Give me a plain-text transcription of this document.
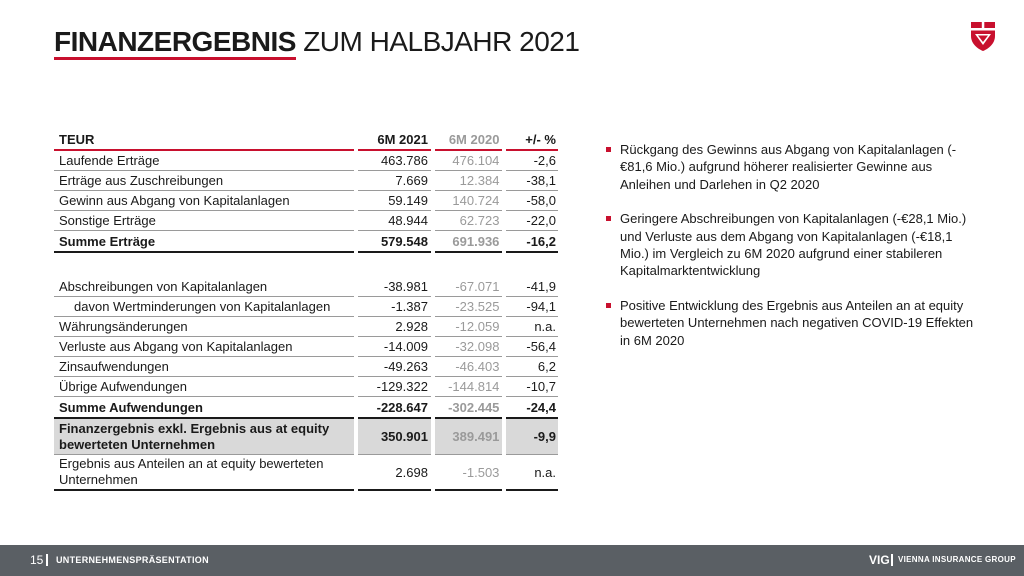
FINANZERGEBNIS ZUM HALBJAHR 2021
TEUR	6M 2021	6M 2020	+/- %
Laufende Erträge	463.786	476.104	-2,6
Erträge aus Zuschreibungen	7.669	12.384	-38,1
Gewinn aus Abgang von Kapitalanlagen	59.149	140.724	-58,0
Sonstige Erträge	48.944	62.723	-22,0
Summe Erträge	579.548	691.936	-16,2
Abschreibungen von Kapitalanlagen	-38.981	-67.071	-41,9
davon Wertminderungen von Kapitalanlagen	-1.387	-23.525	-94,1
Währungsänderungen	2.928	-12.059	n.a.
Verluste aus Abgang von Kapitalanlagen	-14.009	-32.098	-56,4
Zinsaufwendungen	-49.263	-46.403	6,2
Übrige Aufwendungen	-129.322	-144.814	-10,7
Summe Aufwendungen	-228.647	-302.445	-24,4
Finanzergebnis exkl. Ergebnis aus at equity bewerteten Unternehmen	350.901	389.491	-9,9
Ergebnis aus Anteilen an at equity bewerteten Unternehmen	2.698	-1.503	n.a.
Rückgang des Gewinns aus Abgang von Kapitalanlagen (-€81,6 Mio.) aufgrund höherer realisierter Gewinne aus Anleihen und Darlehen in Q2 2020
Geringere Abschreibungen von Kapitalanlagen (-€28,1 Mio.) und Verluste aus dem Abgang von Kapitalanlagen (-€18,1 Mio.) im Vergleich zu 6M 2020 aufgrund einer stabileren Kapitalmarktentwicklung
Positive Entwicklung des Ergebnis aus Anteilen an at equity bewerteten Unternehmen nach negativen COVID-19 Effekten in 6M 2020
15 UNTERNEHMENSPRÄSENTATION	VIG VIENNA INSURANCE GROUP
